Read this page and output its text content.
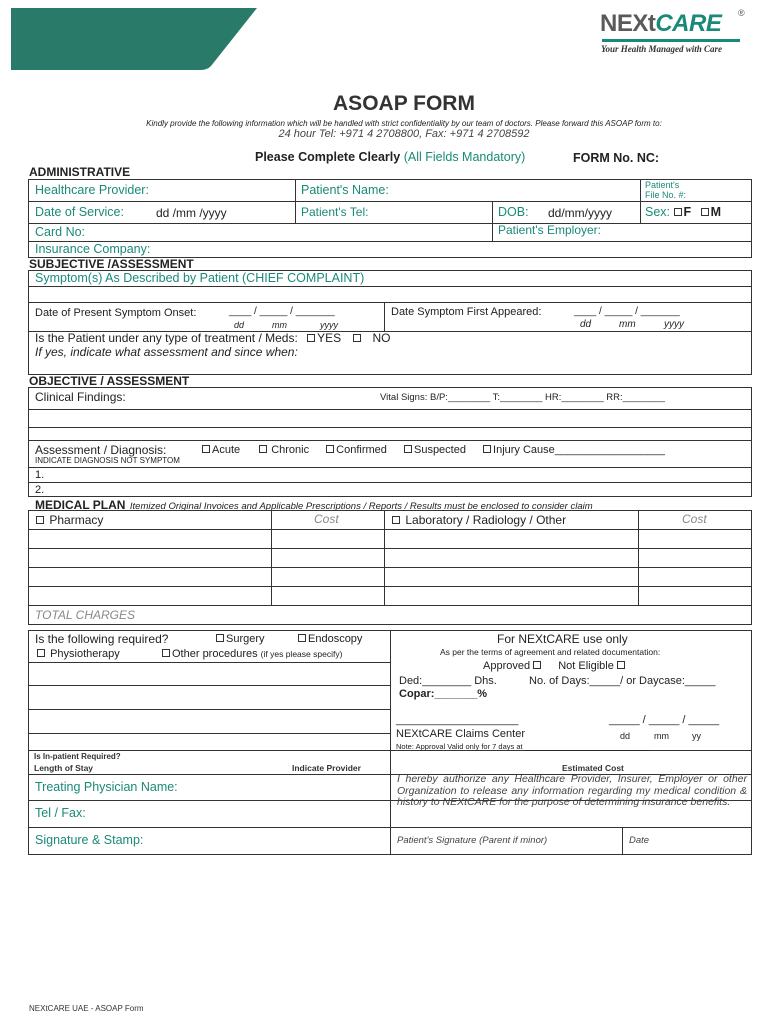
NEXtCARE ®
Your Health Managed with Care
ASOAP FORM
Kindly provide the following information which will be handled with strict confidentiality by our team of doctors. Please forward this ASOAP form to:
24 hour Tel: +971 4 2708800, Fax: +971 4 2708592
Please Complete Clearly (All Fields Mandatory)	FORM No. NC:
ADMINISTRATIVE
Healthcare Provider:	Patient's Name:	Patient's
File No. #:
Date of Service:	dd /mm /yyyy	Patient's Tel:	DOB: dd/mm/yyyy	Sex: F M
Card No:	Patient's Employer:
Insurance Company:
SUBJECTIVE /ASSESSMENT
Symptom(s) As Described by Patient (CHIEF COMPLAINT)
Date of Present Symptom Onset:	____ / _____ / _______
dd	mm	yyyy
Date Symptom First Appeared:	____ / _____ / _______
dd	mm	yyyy
Is the Patient under any type of treatment / Meds: YES	NO
If yes, indicate what assessment and since when:
OBJECTIVE / ASSESSMENT
Clinical Findings:	Vital Signs: B/P:________ T:________ HR:________ RR:________
Assessment / Diagnosis:	Acute	Chronic Confirmed Suspected Injury Cause__________________
INDICATE DIAGNOSIS NOT SYMPTOM
1.
2.
MEDICAL PLAN Itemized Original Invoices and Applicable Prescriptions / Reports / Results must be enclosed to consider claim
Pharmacy	Cost	Laboratory / Radiology / Other	Cost
TOTAL CHARGES
Is the following required?	Surgery	Endoscopy
Physiotherapy	Other procedures (if yes please specify)
For NEXtCARE use only
As per the terms of agreement and related documentation:
Approved	Not Eligible
Ded:________ Dhs.	No. of Days:_____/ or Daycase:_____
Copar:_______%
____________________	_____ / _____ / _____
NEXtCARE Claims Center	dd	mm	yy
Note: Approval Valid only for 7 days at ______________________________
Is In-patient Required?
Length of Stay	Indicate Provider	Estimated Cost
Treating Physician Name:
Tel / Fax:
Signature & Stamp:
I hereby authorize any Healthcare Provider, Insurer, Employer or other Organization to release any information regarding my medical condition & history to NEXtCARE for the purpose of determining insurance benefits.
Patient's Signature (Parent if minor)	Date
NEXtCARE UAE - ASOAP Form
